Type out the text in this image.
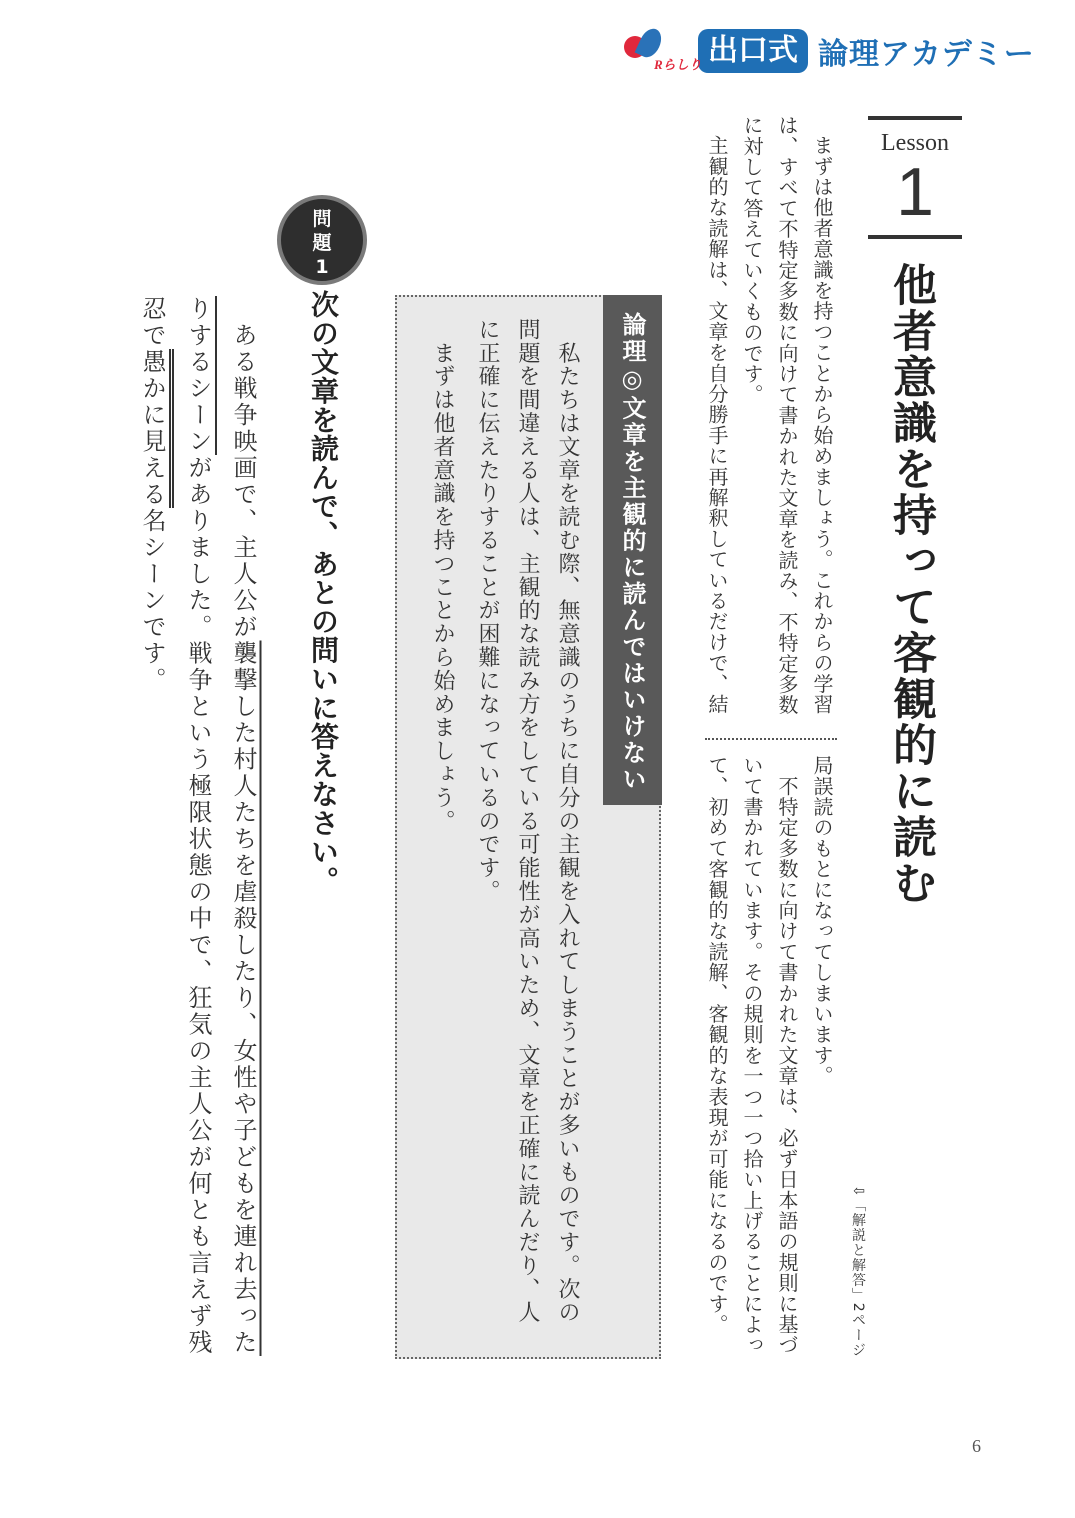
Rらしり 出口式 論理アカデミー
Lesson
1
他者意識を持って客観的に読む
まずは他者意識を持つことから始めましょう。これからの学習
は、すべて不特定多数に向けて書かれた文章を読み、不特定多数
に対して答えていくものです。
主観的な読解は、文章を自分勝手に再解釈しているだけで、結
局誤読のもとになってしまいます。
　不特定多数に向けて書かれた文章は、必ず日本語の規則に基づ
いて書かれています。その規則を一つ一つ拾い上げることによっ
て、初めて客観的な読解、客観的な表現が可能になるのです。	⇩「解説と解答」2ページ
論理◎文章を主観的に読んではいけない
　私たちは文章を読む際、無意識のうちに自分の主観を入れてしまうことが多いものです。次の
問題を間違える人は、主観的な読み方をしている可能性が高いため、文章を正確に読んだり、人
に正確に伝えたりすることが困難になっているのです。
　まずは他者意識を持つことから始めましょう。
問
題
1
次の文章を読んで、あとの問いに答えなさい。
　ある戦争映画で、主人公が襲撃した村人たちを虐殺したり、女性や子どもを連れ去った
りするシーンがありました。戦争という極限状態の中で、狂気の主人公が何とも言えず残
忍で愚かに見える名シーンです。
6
